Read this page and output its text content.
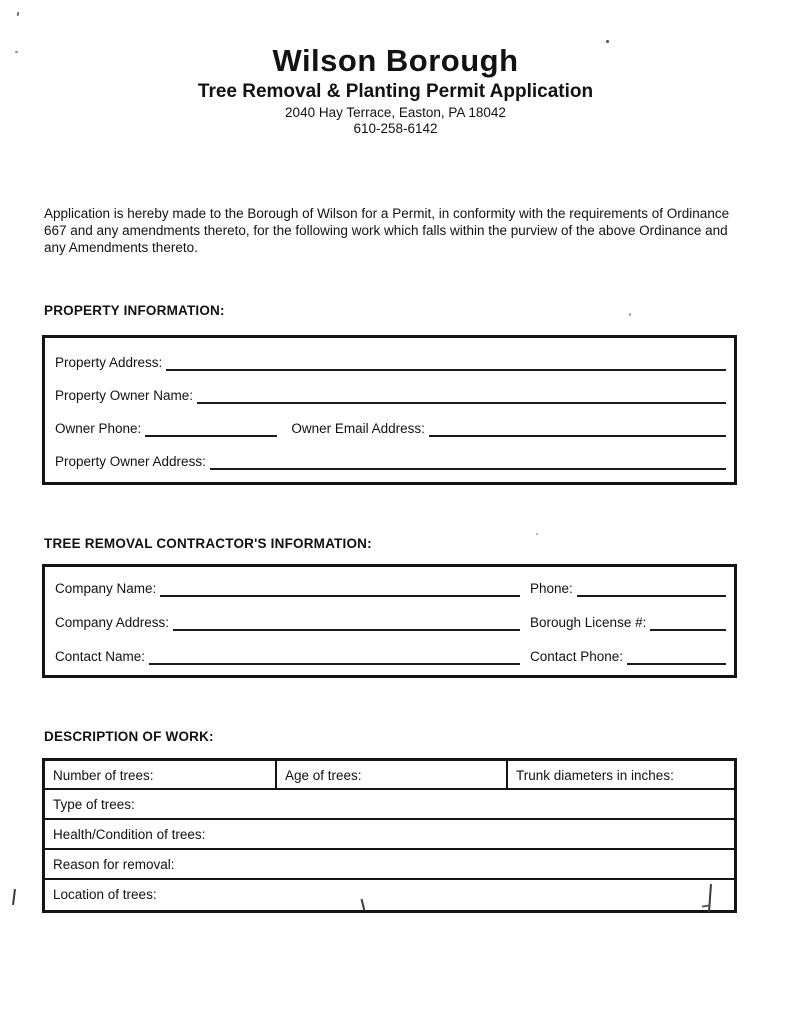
Wilson Borough
Tree Removal & Planting Permit Application
2040 Hay Terrace, Easton, PA 18042
610-258-6142
Application is hereby made to the Borough of Wilson for a Permit, in conformity with the requirements of Ordinance 667 and any amendments thereto, for the following work which falls within the purview of the above Ordinance and any Amendments thereto.
PROPERTY INFORMATION:
Property Address:
Property Owner Name:
Owner Phone:	Owner Email Address:
Property Owner Address:
TREE REMOVAL CONTRACTOR'S INFORMATION:
Company Name:	Phone:
Company Address:	Borough License #:
Contact Name:	Contact Phone:
DESCRIPTION OF WORK:
Number of trees:	Age of trees:	Trunk diameters in inches:
Type of trees:
Health/Condition of trees:
Reason for removal:
Location of trees:
